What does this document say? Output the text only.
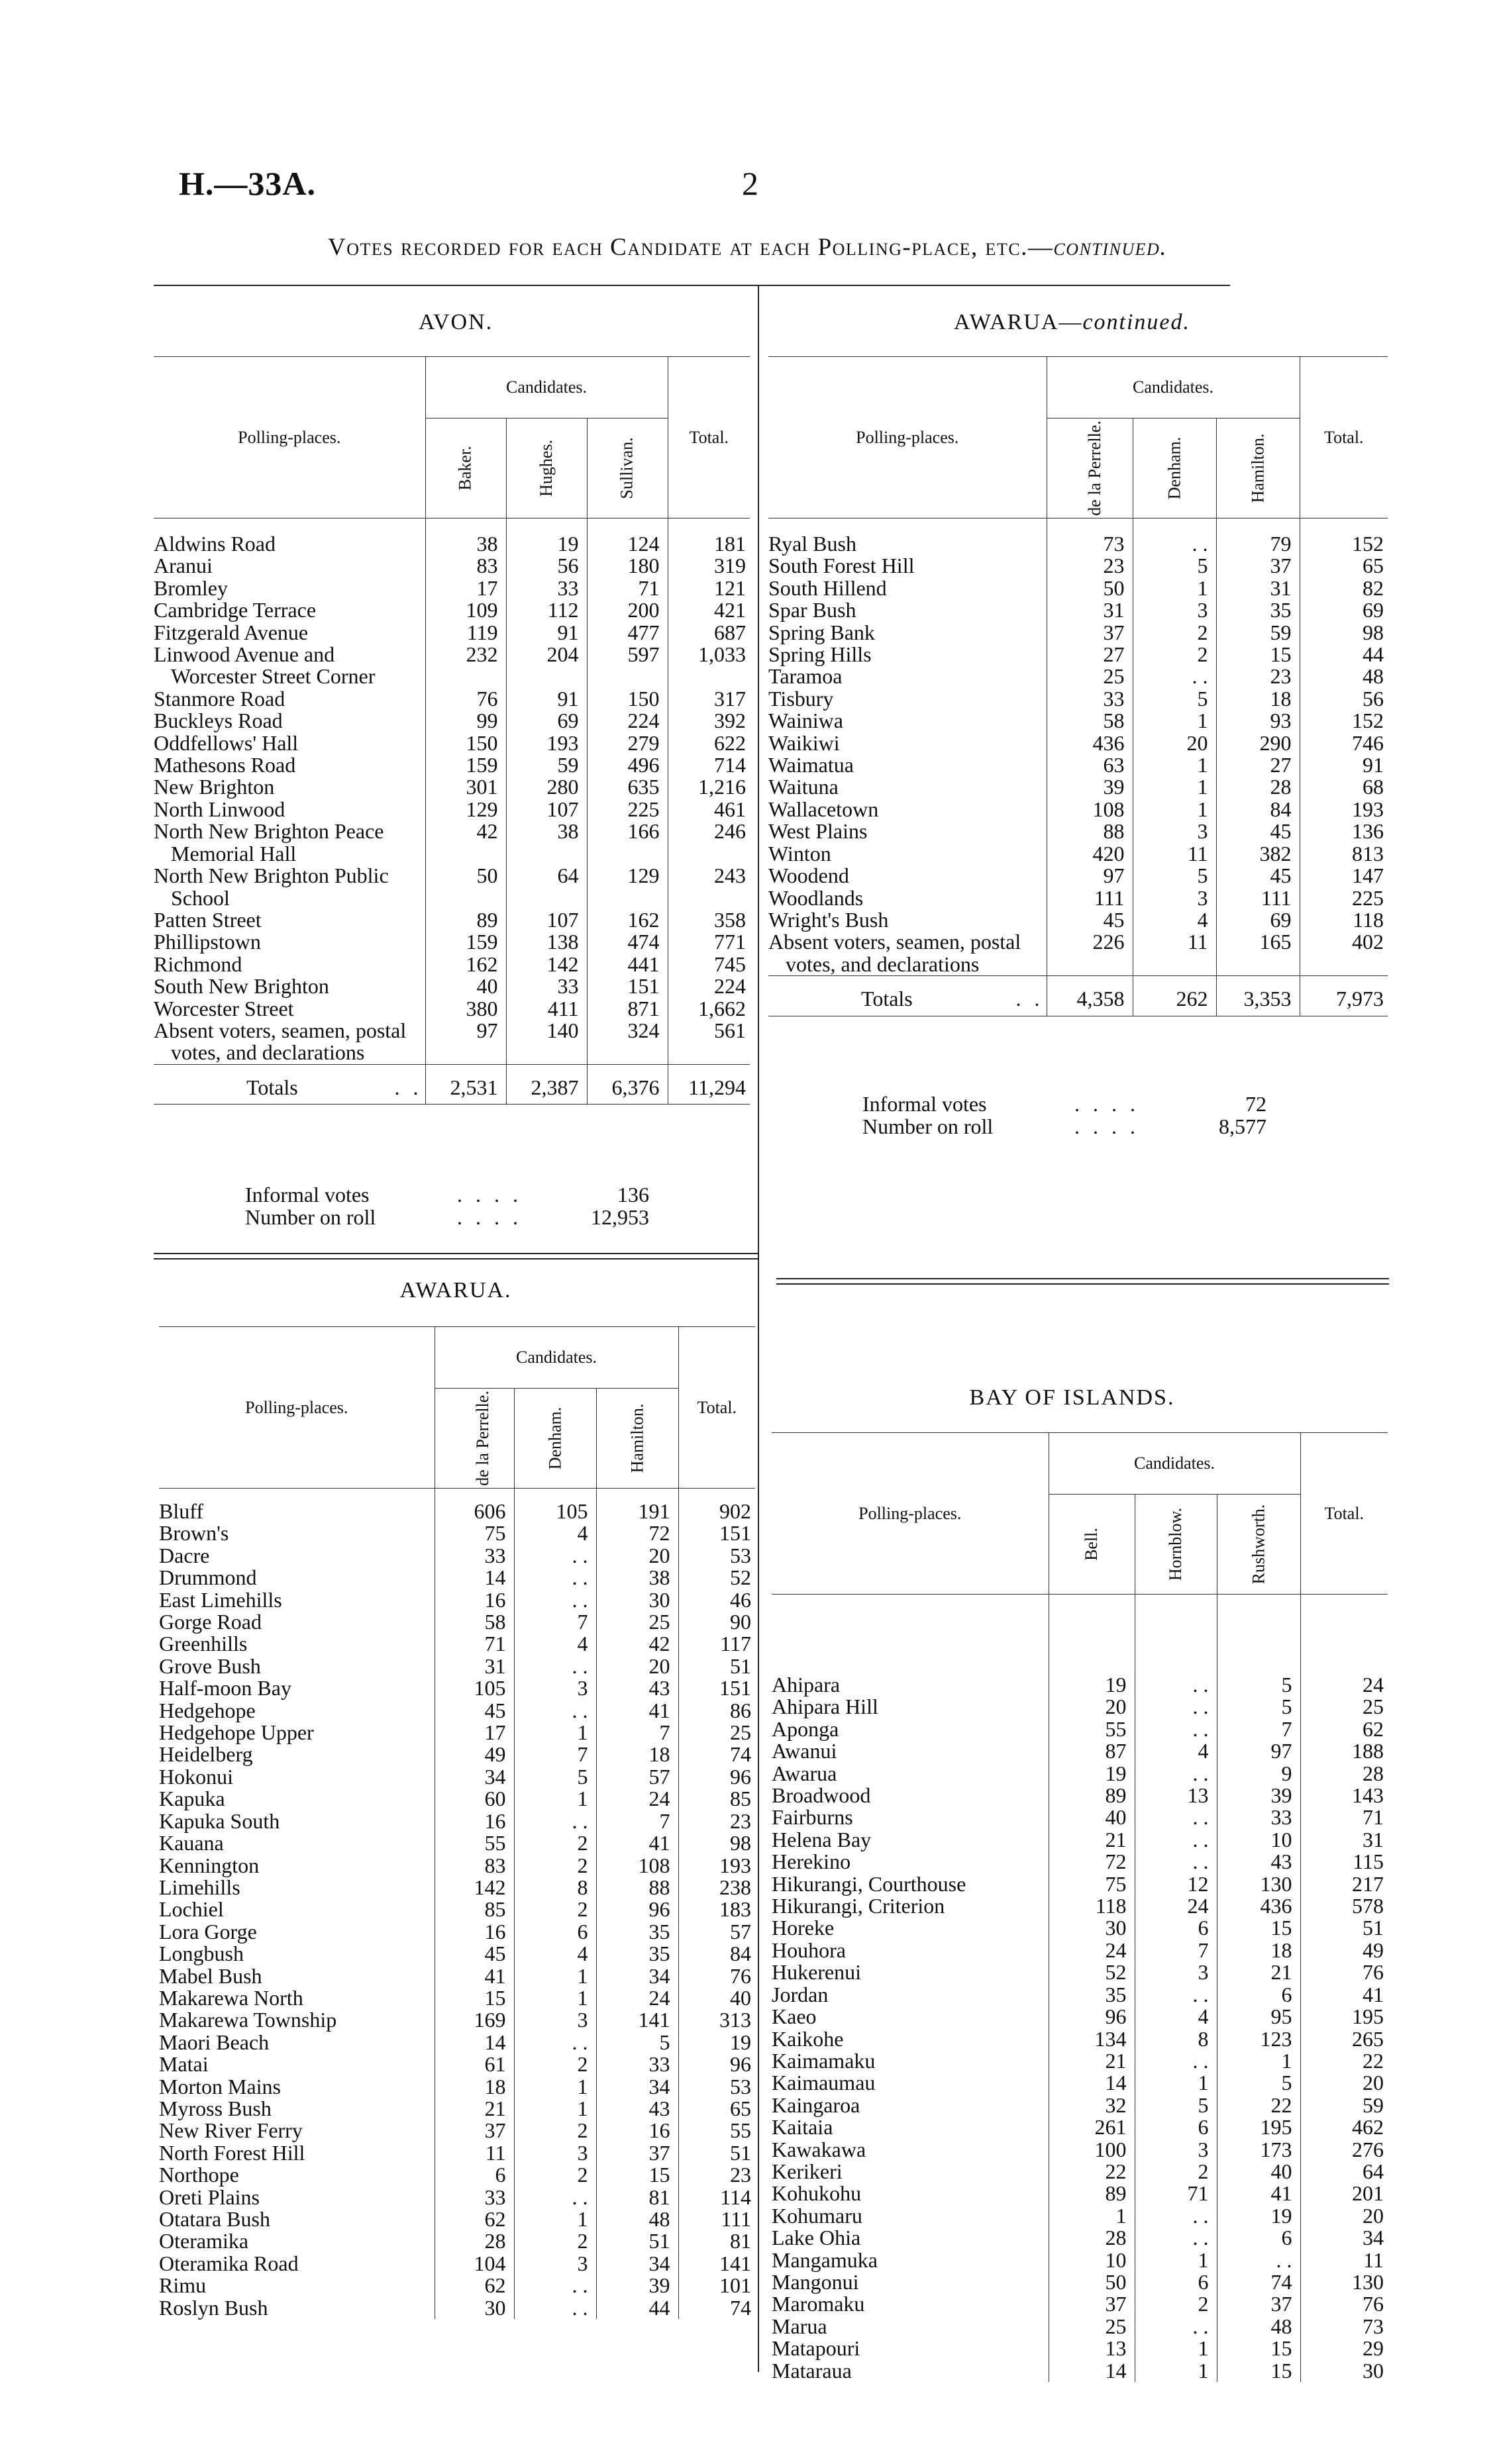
H.—33A.	2
Votes recorded for each Candidate at each Polling-place, etc.—continued.
AVON.
Polling-places.	Candidates.			Total.
	Baker.	Hughes.	Sullivan.	

Aldwins Road	38	19	124	181

Aranui	83	56	180	319

Bromley	17	33	71	121

Cambridge Terrace	109	112	200	421

Fitzgerald Avenue	119	91	477	687

Linwood Avenue and Worcester Street Corner	232	204	597	1,033

Stanmore Road	76	91	150	317

Buckleys Road	99	69	224	392

Oddfellows' Hall	150	193	279	622

Mathesons Road	159	59	496	714

New Brighton	301	280	635	1,216

North Linwood	129	107	225	461

North New Brighton Peace Memorial Hall	42	38	166	246

North New Brighton Public School	50	64	129	243

Patten Street	89	107	162	358

Phillipstown	159	138	474	771

Richmond	162	142	441	745

South New Brighton	40	33	151	224

Worcester Street	380	411	871	1,662

Absent voters, seamen, postal votes, and declarations	97	140	324	561
Totals . .	2,531	2,387	6,376	11,294
AWARUA—continued.
Polling-places.	Candidates.			Total.
	de la Perrelle.	Denham.	Hamilton.	

Ryal Bush	73	. .	79	152

South Forest Hill	23	5	37	65

South Hillend	50	1	31	82

Spar Bush	31	3	35	69

Spring Bank	37	2	59	98

Spring Hills	27	2	15	44

Taramoa	25	. .	23	48

Tisbury	33	5	18	56

Wainiwa	58	1	93	152

Waikiwi	436	20	290	746

Waimatua	63	1	27	91

Waituna	39	1	28	68

Wallacetown	108	1	84	193

West Plains	88	3	45	136

Winton	420	11	382	813

Woodend	97	5	45	147

Woodlands	111	3	111	225

Wright's Bush	45	4	69	118

Absent voters, seamen, postal votes, and declarations	226	11	165	402
Totals . .	4,358	262	3,353	7,973
Informal votes	. . . .	136
Number on roll	. . . .	12,953
Informal votes	. . . .	72
Number on roll	. . . .	8,577
AWARUA.
Polling-places.	Candidates.			Total.
	de la Perrelle.	Denham.	Hamilton.	

Bluff	606	105	191	902

Brown's	75	4	72	151

Dacre	33	. .	20	53

Drummond	14	. .	38	52

East Limehills	16	. .	30	46

Gorge Road	58	7	25	90

Greenhills	71	4	42	117

Grove Bush	31	. .	20	51

Half-moon Bay	105	3	43	151

Hedgehope	45	. .	41	86

Hedgehope Upper	17	1	7	25

Heidelberg	49	7	18	74

Hokonui	34	5	57	96

Kapuka	60	1	24	85

Kapuka South	16	. .	7	23

Kauana	55	2	41	98

Kennington	83	2	108	193

Limehills	142	8	88	238

Lochiel	85	2	96	183

Lora Gorge	16	6	35	57

Longbush	45	4	35	84

Mabel Bush	41	1	34	76

Makarewa North	15	1	24	40

Makarewa Township	169	3	141	313

Maori Beach	14	. .	5	19

Matai	61	2	33	96

Morton Mains	18	1	34	53

Myross Bush	21	1	43	65

New River Ferry	37	2	16	55

North Forest Hill	11	3	37	51

Northope	6	2	15	23

Oreti Plains	33	. .	81	114

Otatara Bush	62	1	48	111

Oteramika	28	2	51	81

Oteramika Road	104	3	34	141

Rimu	62	. .	39	101

Roslyn Bush	30	. .	44	74
BAY OF ISLANDS.
Polling-places.	Candidates.			Total.
	Bell.	Hornblow.	Rushworth.	

Ahipara	19	. .	5	24

Ahipara Hill	20	. .	5	25

Aponga	55	. .	7	62

Awanui	87	4	97	188

Awarua	19	. .	9	28

Broadwood	89	13	39	143

Fairburns	40	. .	33	71

Helena Bay	21	. .	10	31

Herekino	72	. .	43	115

Hikurangi, Courthouse	75	12	130	217

Hikurangi, Criterion	118	24	436	578

Horeke	30	6	15	51

Houhora	24	7	18	49

Hukerenui	52	3	21	76

Jordan	35	. .	6	41

Kaeo	96	4	95	195

Kaikohe	134	8	123	265

Kaimamaku	21	. .	1	22

Kaimaumau	14	1	5	20

Kaingaroa	32	5	22	59

Kaitaia	261	6	195	462

Kawakawa	100	3	173	276

Kerikeri	22	2	40	64

Kohukohu	89	71	41	201

Kohumaru	1	. .	19	20

Lake Ohia	28	. .	6	34

Mangamuka	10	1	. .	11

Mangonui	50	6	74	130

Maromaku	37	2	37	76

Marua	25	. .	48	73

Matapouri	13	1	15	29

Mataraua	14	1	15	30
